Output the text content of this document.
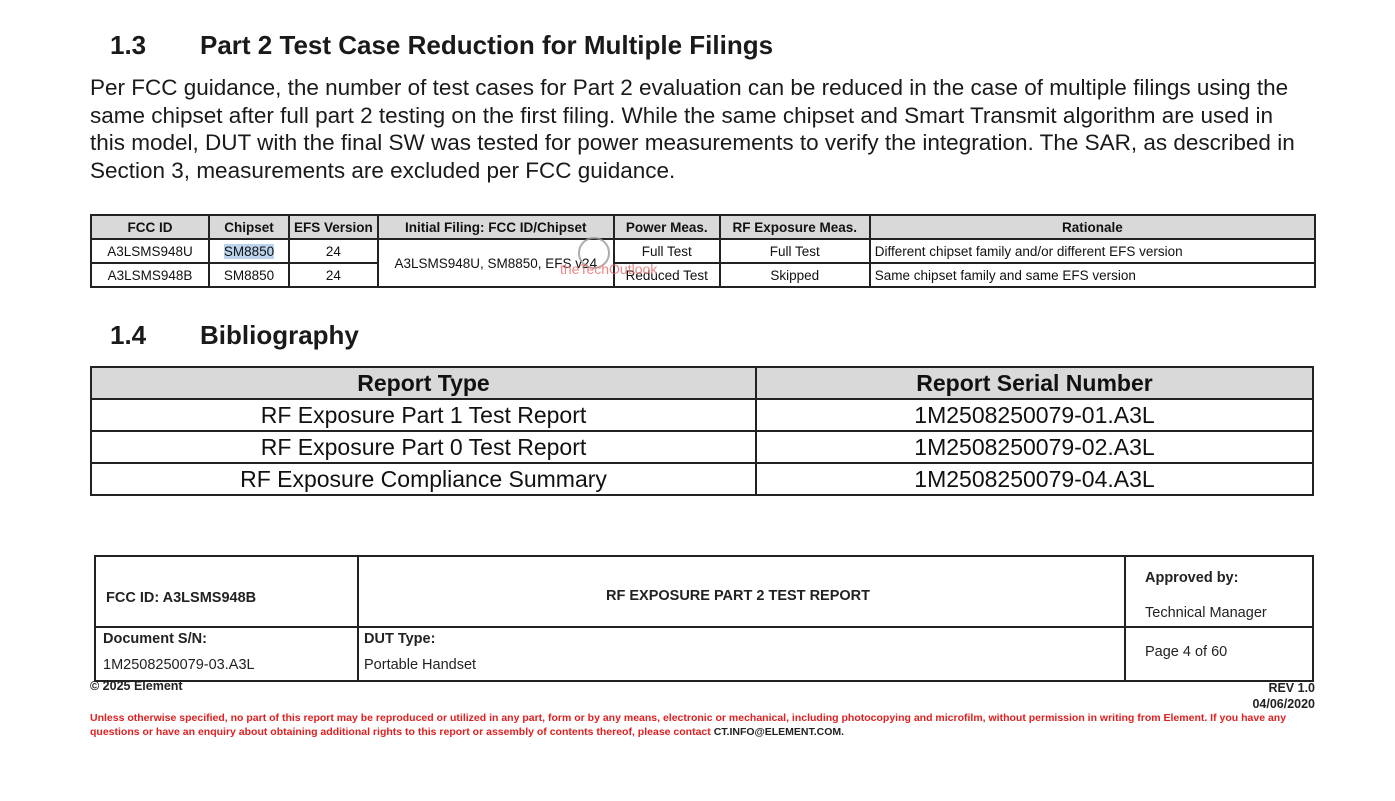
1.3 Part 2 Test Case Reduction for Multiple Filings
Per FCC guidance, the number of test cases for Part 2 evaluation can be reduced in the case of multiple filings using the same chipset after full part 2 testing on the first filing. While the same chipset and Smart Transmit algorithm are used in this model, DUT with the final SW was tested for power measurements to verify the integration. The SAR, as described in Section 3, measurements are excluded per FCC guidance.
FCC ID	Chipset	EFS Version	Initial Filing: FCC ID/Chipset	Power Meas.	RF Exposure Meas.	Rationale
A3LSMS948U	SM8850	24	A3LSMS948U, SM8850, EFS v24	Full Test	Full Test	Different chipset family and/or different EFS version
A3LSMS948B	SM8850	24		Reduced Test	Skipped	Same chipset family and same EFS version
theTechOutlook
1.4 Bibliography
Report Type	Report Serial Number
RF Exposure Part 1 Test Report	1M2508250079-01.A3L
RF Exposure Part 0 Test Report	1M2508250079-02.A3L
RF Exposure Compliance Summary	1M2508250079-04.A3L
FCC ID: A3LSMS948B	RF EXPOSURE PART 2 TEST REPORT
Approved by:
Technical Manager
Document S/N:
1M2508250079-03.A3L
DUT Type:
Portable Handset
Page 4 of 60
© 2025 Element	REV 1.0
04/06/2020
Unless otherwise specified, no part of this report may be reproduced or utilized in any part, form or by any means, electronic or mechanical, including photocopying and microfilm, without permission in writing from Element. If you have any questions or have an enquiry about obtaining additional rights to this report or assembly of contents thereof, please contact CT.INFO@ELEMENT.COM.
